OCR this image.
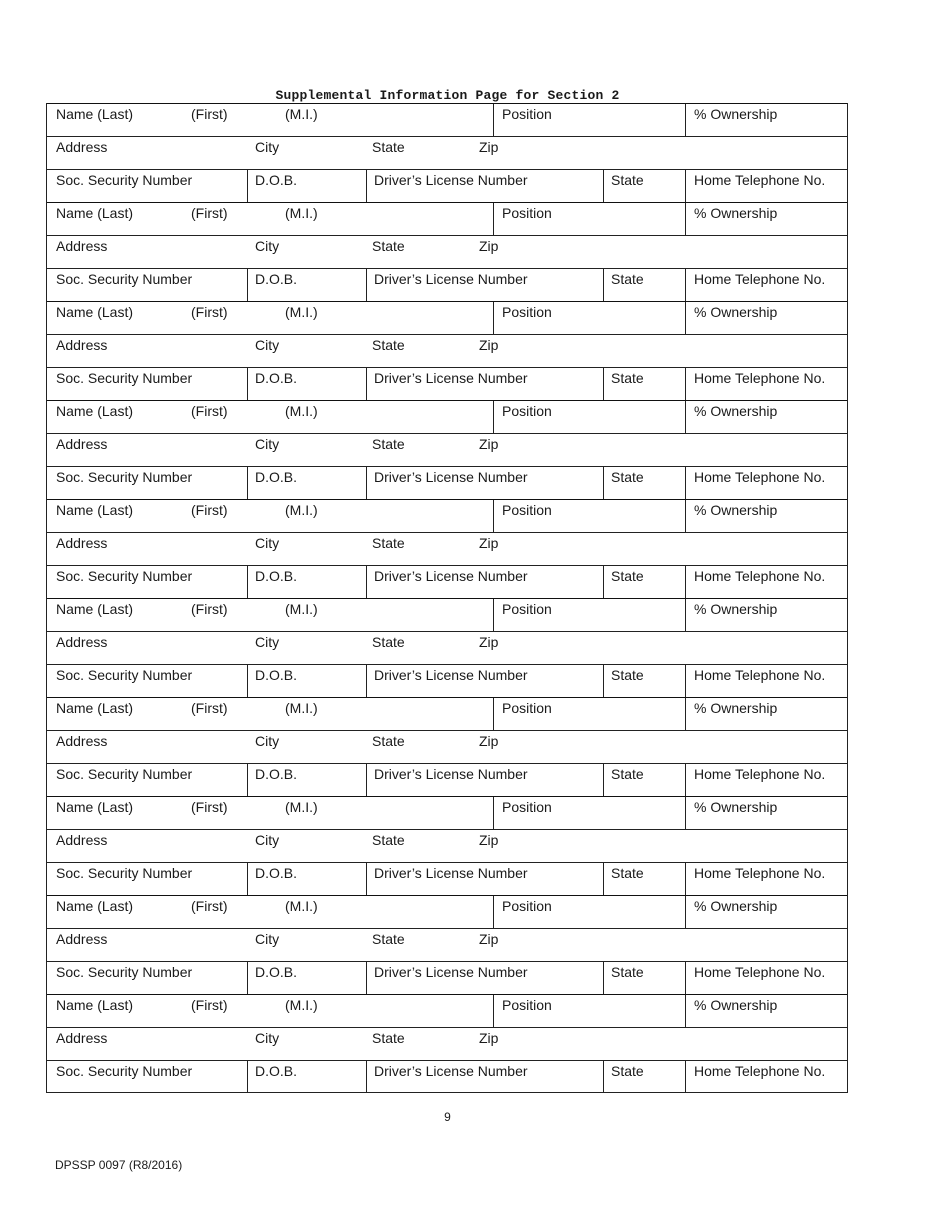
Supplemental Information Page for Section 2
Name (Last)	(First)	(M.I.)	Position	% Ownership
Address	City	State	Zip
Soc. Security Number	D.O.B.	Driver’s License Number	State	Home Telephone No.
Name (Last)	(First)	(M.I.)	Position	% Ownership
Address	City	State	Zip
Soc. Security Number	D.O.B.	Driver’s License Number	State	Home Telephone No.
Name (Last)	(First)	(M.I.)	Position	% Ownership
Address	City	State	Zip
Soc. Security Number	D.O.B.	Driver’s License Number	State	Home Telephone No.
Name (Last)	(First)	(M.I.)	Position	% Ownership
Address	City	State	Zip
Soc. Security Number	D.O.B.	Driver’s License Number	State	Home Telephone No.
Name (Last)	(First)	(M.I.)	Position	% Ownership
Address	City	State	Zip
Soc. Security Number	D.O.B.	Driver’s License Number	State	Home Telephone No.
Name (Last)	(First)	(M.I.)	Position	% Ownership
Address	City	State	Zip
Soc. Security Number	D.O.B.	Driver’s License Number	State	Home Telephone No.
Name (Last)	(First)	(M.I.)	Position	% Ownership
Address	City	State	Zip
Soc. Security Number	D.O.B.	Driver’s License Number	State	Home Telephone No.
Name (Last)	(First)	(M.I.)	Position	% Ownership
Address	City	State	Zip
Soc. Security Number	D.O.B.	Driver’s License Number	State	Home Telephone No.
Name (Last)	(First)	(M.I.)	Position	% Ownership
Address	City	State	Zip
Soc. Security Number	D.O.B.	Driver’s License Number	State	Home Telephone No.
Name (Last)	(First)	(M.I.)	Position	% Ownership
Address	City	State	Zip
Soc. Security Number	D.O.B.	Driver’s License Number	State	Home Telephone No.
9
DPSSP 0097 (R8/2016)
